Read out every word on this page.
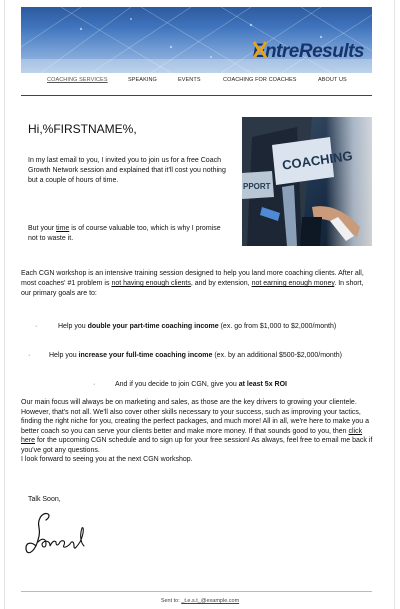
Entre
Results
COACHING SERVICES	SPEAKING	EVENTS	COACHING FOR COACHES	ABOUT US
Hi,%FIRSTNAME%,
In my last email to you, I invited you to join us for a free Coach Growth Network session and explained that it'll cost you nothing but a couple of hours of time.
But your time is of course valuable too, which is why I promise not to waste it.
COACHING
PPORT
Each CGN workshop is an intensive training session designed to help you land more coaching clients. After all, most coaches' #1 problem is not having enough clients, and by extension, not earning enough money. In short, our primary goals are to:
·	Help you double your part-time coaching income (ex. go from $1,000 to $2,000/month)
·	Help you increase your full-time coaching income (ex. by an additional $500-$2,000/month)
·	And if you decide to join CGN, give you at least 5x ROI
Our main focus will always be on marketing and sales, as those are the key drivers to growing your clientele. However, that's not all. We'll also cover other skills necessary to your success, such as improving your tactics, finding the right niche for you, creating the perfect packages, and much more! All in all, we're here to make you a better coach so you can serve your clients better and make more money. If that sounds good to you, then click here for the upcoming CGN schedule and to sign up for your free session! As always, feel free to email me back if you've got any questions.
I look forward to seeing you at the next CGN workshop.
Talk Soon,
Sent to: _t.e.s.t_@example.com
